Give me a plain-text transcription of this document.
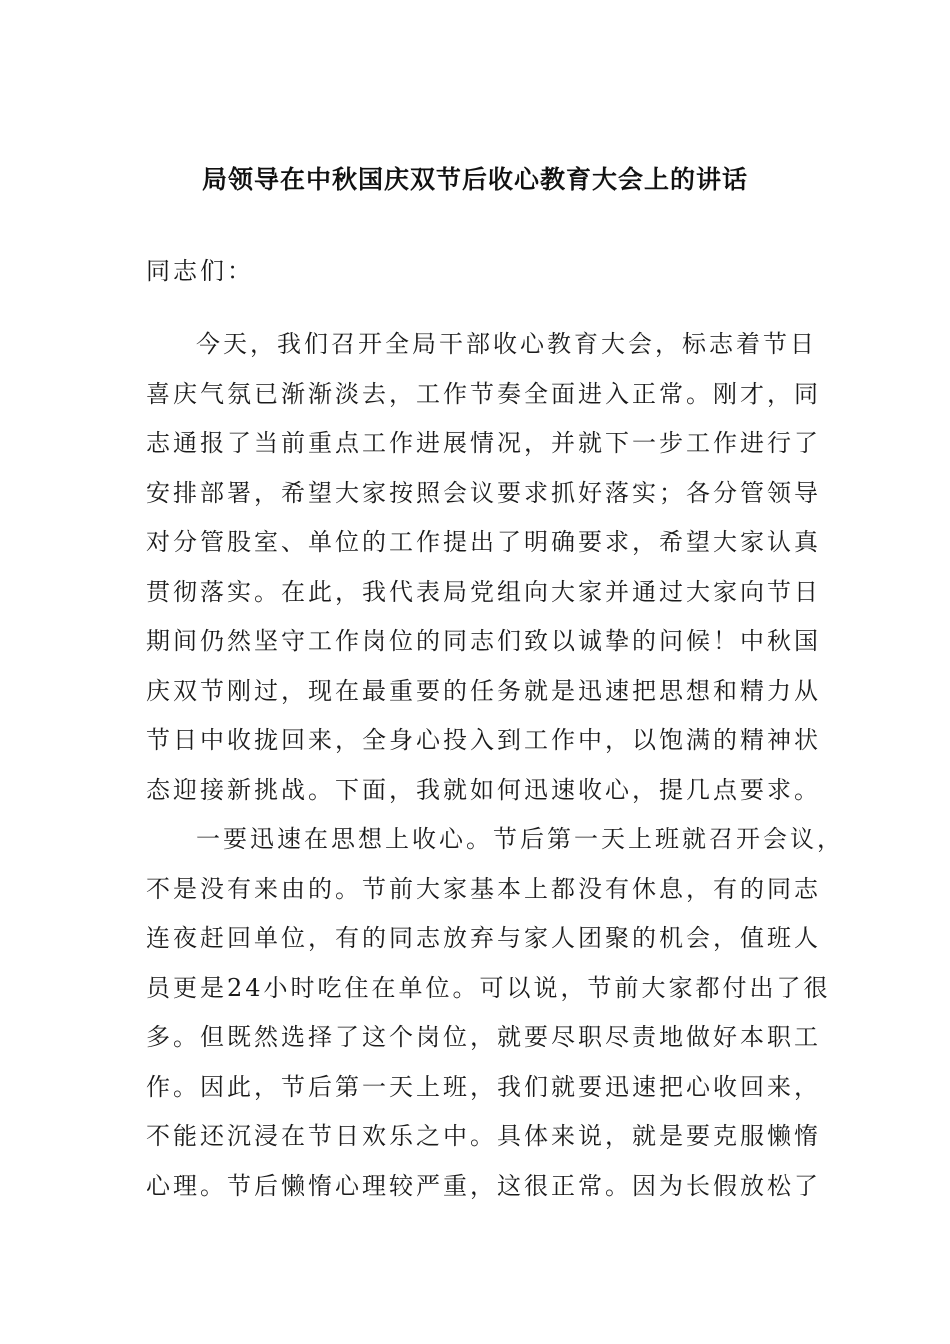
局领导在中秋国庆双节后收心教育大会上的讲话
同志们：
今天，我们召开全局干部收心教育大会，标志着节日
喜庆气氛已渐渐淡去，工作节奏全面进入正常。刚才，同
志通报了当前重点工作进展情况，并就下一步工作进行了
安排部署，希望大家按照会议要求抓好落实；各分管领导
对分管股室、单位的工作提出了明确要求，希望大家认真
贯彻落实。在此，我代表局党组向大家并通过大家向节日
期间仍然坚守工作岗位的同志们致以诚挚的问候！中秋国
庆双节刚过，现在最重要的任务就是迅速把思想和精力从
节日中收拢回来，全身心投入到工作中，以饱满的精神状
态迎接新挑战。下面，我就如何迅速收心，提几点要求。
一要迅速在思想上收心。节后第一天上班就召开会议，
不是没有来由的。节前大家基本上都没有休息，有的同志
连夜赶回单位，有的同志放弃与家人团聚的机会，值班人
员更是24小时吃住在单位。可以说，节前大家都付出了很
多。但既然选择了这个岗位，就要尽职尽责地做好本职工
作。因此，节后第一天上班，我们就要迅速把心收回来，
不能还沉浸在节日欢乐之中。具体来说，就是要克服懒惰
心理。节后懒惰心理较严重，这很正常。因为长假放松了
